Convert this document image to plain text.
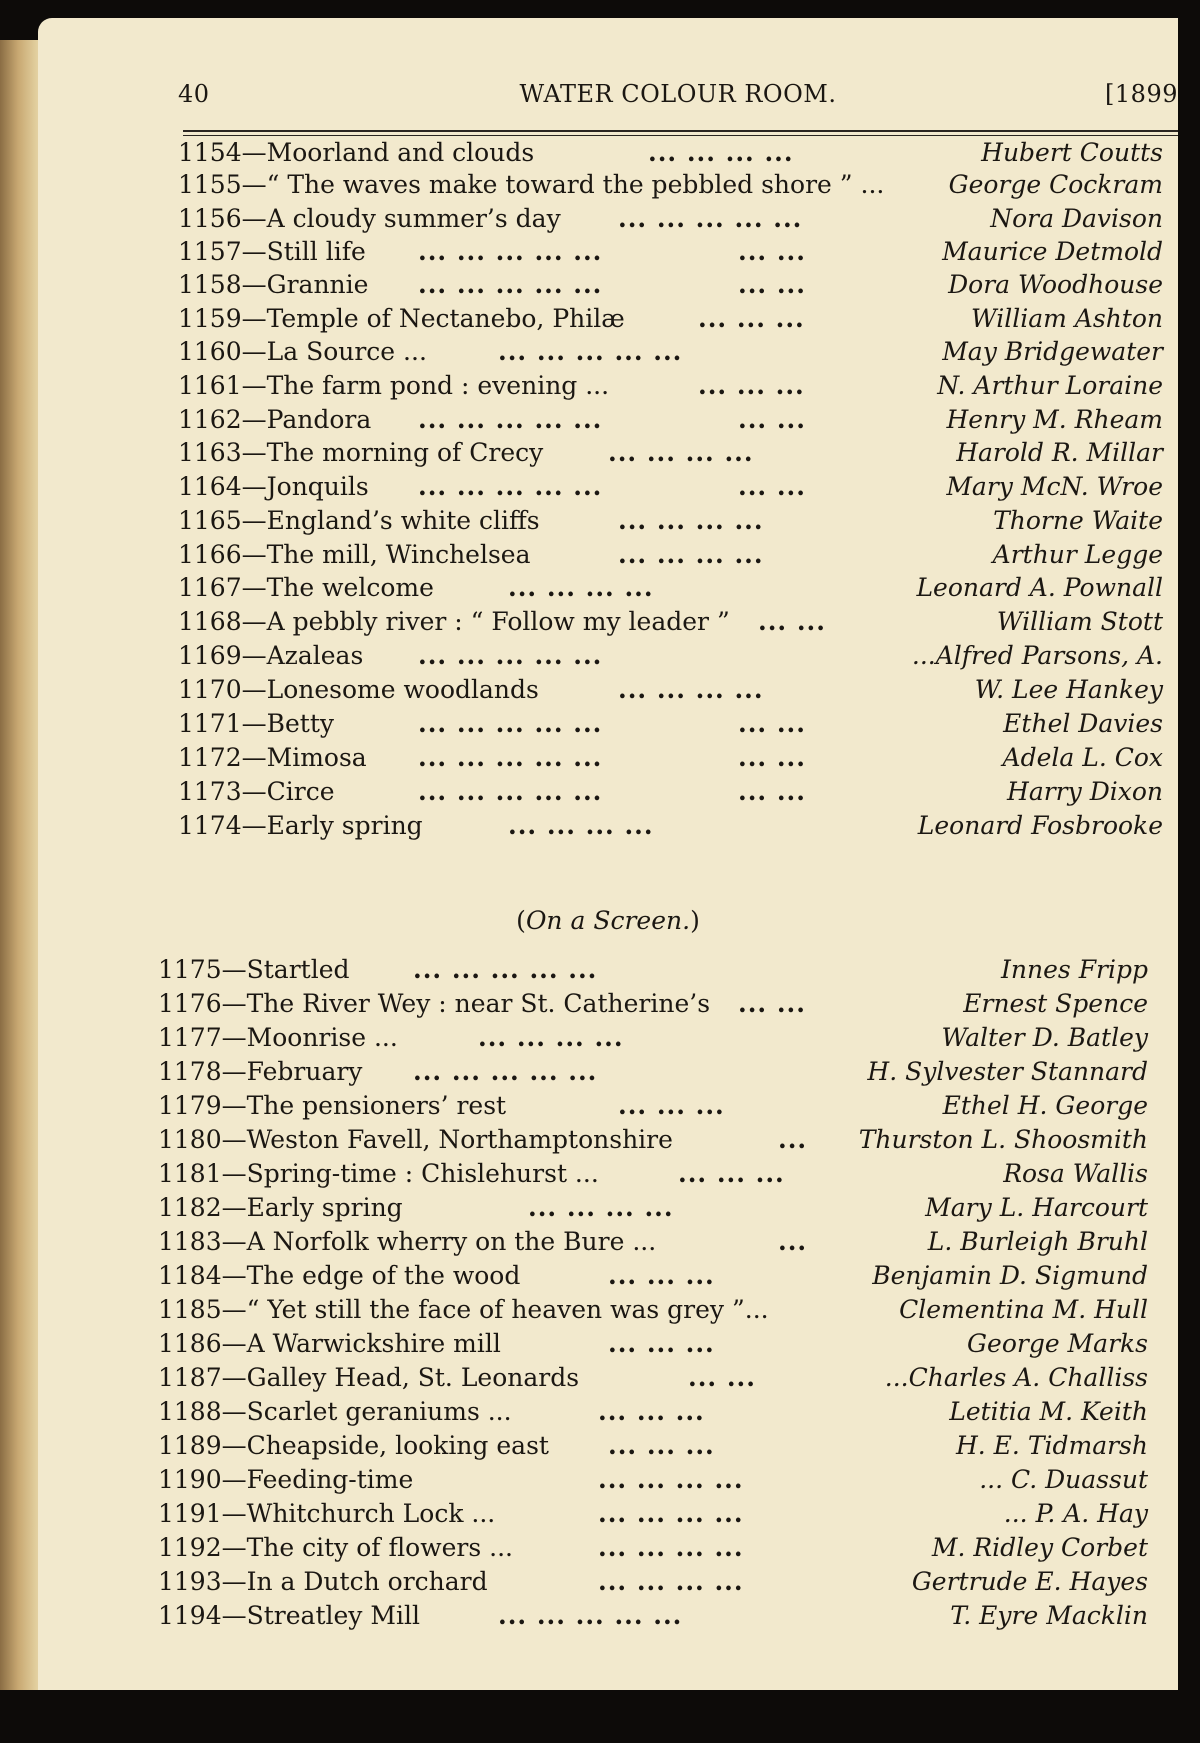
40	WATER COLOUR ROOM.	[1899
1154—Moorland and clouds	... ... ... ...	Hubert Coutts
1155—“ The waves make toward the pebbled shore ” ...	George Cockram
1156—A cloudy summer’s day ... ... ... ... ...	Nora Davison
1157—Still life ... ... ... ... ...	... ...	Maurice Detmold
1158—Grannie ... ... ... ... ...	... ...	Dora Woodhouse
1159—Temple of Nectanebo, Philæ	... ... ...	William Ashton
1160—La Source ...	... ... ... ... ...	May Bridgewater
1161—The farm pond : evening ...	... ... ...	N. Arthur Loraine
1162—Pandora ... ... ... ... ...	... ...	Henry M. Rheam
1163—The morning of Crecy	... ... ... ...	Harold R. Millar
1164—Jonquils ... ... ... ... ...	... ...	Mary McN. Wroe
1165—England’s white cliffs	... ... ... ...	Thorne Waite
1166—The mill, Winchelsea	... ... ... ...	Arthur Legge
1167—The welcome	... ... ... ...	Leonard A. Pownall
1168—A pebbly river : “ Follow my leader ” ... ...	William Stott
1169—Azaleas ... ... ... ... ...	...Alfred Parsons, A.
1170—Lonesome woodlands	... ... ... ...	W. Lee Hankey
1171—Betty	... ... ... ... ...	... ...	Ethel Davies
1172—Mimosa ... ... ... ... ...	... ...	Adela L. Cox
1173—Circe	... ... ... ... ...	... ...	Harry Dixon
1174—Early spring	... ... ... ...	Leonard Fosbrooke
(On a Screen.)
1175—Startled	... ... ... ... ...	Innes Fripp
1176—The River Wey : near St. Catherine’s ... ...	Ernest Spence
1177—Moonrise ...	... ... ... ...	Walter D. Batley
1178—February ... ... ... ... ...	H. Sylvester Stannard
1179—The pensioners’ rest	... ... ...	Ethel H. George
1180—Weston Favell, Northamptonshire	...	Thurston L. Shoosmith
1181—Spring-time : Chislehurst ...	... ... ...	Rosa Wallis
1182—Early spring	... ... ... ...	Mary L. Harcourt
1183—A Norfolk wherry on the Bure ...	...	L. Burleigh Bruhl
1184—The edge of the wood	... ... ...	Benjamin D. Sigmund
1185—“ Yet still the face of heaven was grey ”...	Clementina M. Hull
1186—A Warwickshire mill	... ... ...	George Marks
1187—Galley Head, St. Leonards	... ...	...Charles A. Challiss
1188—Scarlet geraniums ...	... ... ...	Letitia M. Keith
1189—Cheapside, looking east ... ... ...	H. E. Tidmarsh
1190—Feeding-time	... ... ... ...	... C. Duassut
1191—Whitchurch Lock ...	... ... ... ...	... P. A. Hay
1192—The city of flowers ...	... ... ... ...	M. Ridley Corbet
1193—In a Dutch orchard	... ... ... ...	Gertrude E. Hayes
1194—Streatley Mill	... ... ... ... ...	T. Eyre Macklin
